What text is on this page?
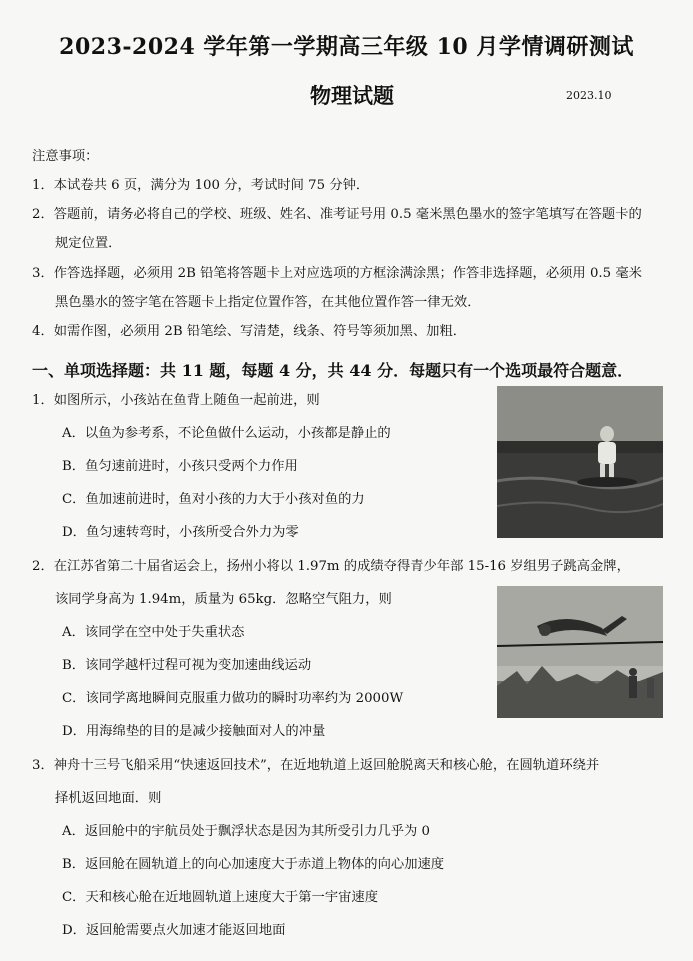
2023-2024 学年第一学期高三年级 10 月学情调研测试
物理试题	2023.10
注意事项：
1．本试卷共 6 页，满分为 100 分，考试时间 75 分钟．
2．答题前，请务必将自己的学校、班级、姓名、准考证号用 0.5 毫米黑色墨水的签字笔填写在答题卡的
规定位置．
3．作答选择题，必须用 2B 铅笔将答题卡上对应选项的方框涂满涂黑；作答非选择题，必须用 0.5 毫米
黑色墨水的签字笔在答题卡上指定位置作答，在其他位置作答一律无效．
4．如需作图，必须用 2B 铅笔绘、写清楚，线条、符号等须加黑、加粗．
一、单项选择题：共 11 题，每题 4 分，共 44 分．每题只有一个选项最符合题意．
1．如图所示，小孩站在鱼背上随鱼一起前进，则
A．以鱼为参考系，不论鱼做什么运动，小孩都是静止的
B．鱼匀速前进时，小孩只受两个力作用
C．鱼加速前进时，鱼对小孩的力大于小孩对鱼的力
D．鱼匀速转弯时，小孩所受合外力为零
2．在江苏省第二十届省运会上，扬州小将以 1.97m 的成绩夺得青少年部 15-16 岁组男子跳高金牌，
该同学身高为 1.94m，质量为 65kg．忽略空气阻力，则
A．该同学在空中处于失重状态
B．该同学越杆过程可视为变加速曲线运动
C．该同学离地瞬间克服重力做功的瞬时功率约为 2000W
D．用海绵垫的目的是减少接触面对人的冲量
3．神舟十三号飞船采用“快速返回技术”，在近地轨道上返回舱脱离天和核心舱，在圆轨道环绕并
择机返回地面．则
A．返回舱中的宇航员处于飘浮状态是因为其所受引力几乎为 0
B．返回舱在圆轨道上的向心加速度大于赤道上物体的向心加速度
C．天和核心舱在近地圆轨道上速度大于第一宇宙速度
D．返回舱需要点火加速才能返回地面
